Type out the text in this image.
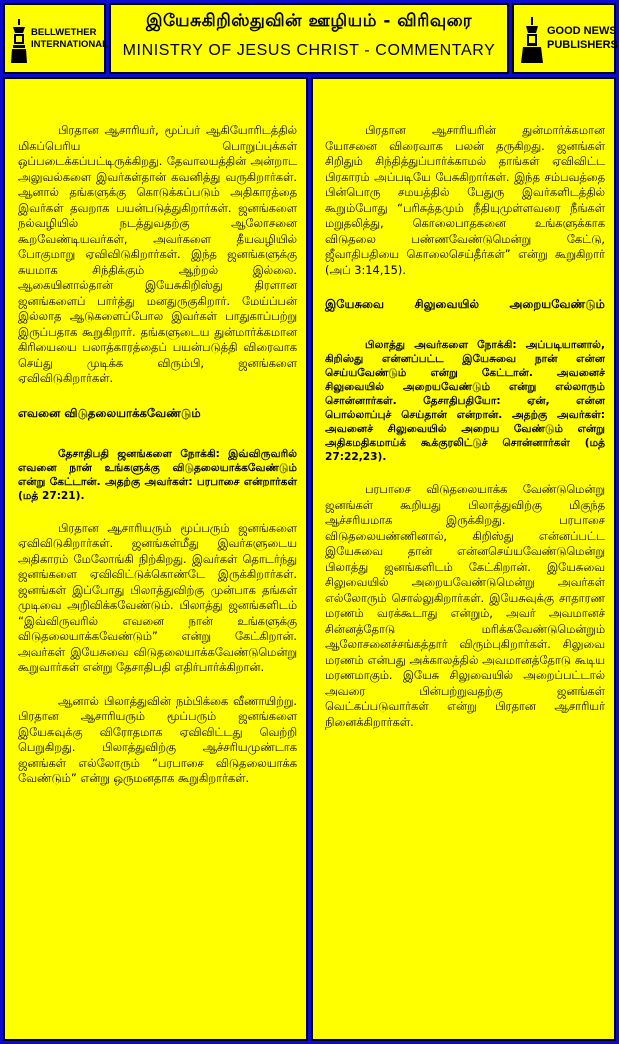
BELLWETHER
INTERNATIONAL
இயேசுகிறிஸ்துவின் ஊழியம் - விரிவுரை
MINISTRY OF JESUS CHRIST - COMMENTARY
GOOD NEWS
PUBLISHERS

பிரதான ஆசாரியர், மூப்பர் ஆகியோரிடத்தில் மிகப்பெரிய பொறுப்புக்கள் ஒப்படைக்கப்பட்டிருக்கிறது. தேவாலயத்தின் அன்றாட அலுவல்களை இவர்கள்தான் கவனித்து வருகிறார்கள். ஆனால் தங்களுக்கு கொடுக்கப்படும் அதிகாரத்தை இவர்கள் தவறாக பயன்படுத்துகிறார்கள். ஜனங்களை நல்வழியில் நடத்துவதற்கு ஆலோசனை கூறவேண்டியவர்கள், அவர்களை தீயவழியில் போகுமாறு ஏவிவிடுகிறார்கள். இந்த ஜனங்களுக்கு சுயமாக சிந்திக்கும் ஆற்றல் இல்லை. ஆகையினால்தான் இயேசுகிறிஸ்து திரளான ஜனங்களைப் பார்த்து மனதுருகுகிறார். மேய்ப்பன் இல்லாத ஆடுகளைப்போல இவர்கள் பாதுகாப்பற்று இருப்பதாக கூறுகிறார். தங்களுடைய துன்மார்க்கமான கிரியையை பலாத்காரத்தைப் பயன்படுத்தி விரைவாக செய்து முடிக்க விரும்பி, ஜனங்களை ஏவிவிடுகிறார்கள்.

எவனை விடுதலையாக்கவேண்டும்

தேசாதிபதி ஜனங்களை நோக்கி: இவ்விருவரில் எவனை நான் உங்களுக்கு விடுதலையாக்கவேண்டும் என்று கேட்டான். அதற்கு அவர்கள்: பரபாசை என்றார்கள் (மத் 27:21).

பிரதான ஆசாரியரும் மூப்பரும் ஜனங்களை ஏவிவிடுகிறார்கள். ஜனங்கள்மீது இவர்களுடைய அதிகாரம் மேலோங்கி நிற்கிறது. இவர்கள் தொடர்ந்து ஜனங்களை ஏவிவிட்டுக்கொண்டே இருக்கிறார்கள். ஜனங்கள் இப்போது பிலாத்துவிற்கு முன்பாக தங்கள் முடிவை அறிவிக்கவேண்டும். பிலாத்து ஜனங்களிடம் “இவ்விருவரில் எவனை நான் உங்களுக்கு விடுதலையாக்கவேண்டும்” என்று கேட்கிறான். அவர்கள் இயேசுவை விடுதலையாக்கவேண்டுமென்று கூறுவார்கள் என்று தேசாதிபதி எதிர்பார்க்கிறான்.

ஆனால் பிலாத்துவின் நம்பிக்கை வீணாயிற்று. பிரதான ஆசாரியரும் மூப்பரும் ஜனங்களை இயேசுவுக்கு விரோதமாக ஏவிவிட்டது வெற்றி பெறுகிறது. பிலாத்துவிற்கு ஆச்சரியமுண்டாக ஜனங்கள் எல்லோரும் “பரபாசை விடுதலையாக்க வேண்டும்” என்று ஒருமனதாக கூறுகிறார்கள்.

பிரதான ஆசாரியரின் துன்மார்க்கமான யோசனை விரைவாக பலன் தருகிறது. ஜனங்கள் சிறிதும் சிந்தித்துப்பார்க்காமல் தாங்கள் ஏவிவிட்ட பிரகாரம் அப்படியே பேசுகிறார்கள். இந்த சம்பவத்தை பின்பொரு சமயத்தில் பேதுரு இவர்களிடத்தில் கூறும்போது “பரிசுத்தமும் நீதியுமுள்ளவரை நீங்கள் மறுதலித்து, கொலைபாதகனை உங்களுக்காக விடுதலை பண்ணவேண்டுமென்று கேட்டு, ஜீவாதிபதியை கொலைசெய்தீர்கள்” என்று கூறுகிறார் (அப் 3:14,15).

இயேசுவை சிலுவையில் அறையவேண்டும்

பிலாத்து அவர்களை நோக்கி: அப்படியானால், கிறிஸ்து என்னப்பட்ட இயேசுவை நான் என்ன செய்யவேண்டும் என்று கேட்டான். அவனைச் சிலுவையில் அறையவேண்டும் என்று எல்லாரும் சொன்னார்கள். தேசாதிபதியோ: ஏன், என்ன பொல்லாப்புச் செய்தான் என்றான். அதற்கு அவர்கள்: அவனைச் சிலுவையில் அறைய வேண்டும் என்று அதிகமதிகமாய்க் கூக்குரலிட்டுச் சொன்னார்கள் (மத் 27:22,23).

பரபாசை விடுதலையாக்க வேண்டுமென்று ஜனங்கள் கூறியது பிலாத்துவிற்கு மிகுந்த ஆச்சரியமாக இருக்கிறது. பரபாசை விடுதலையண்ணினால், கிறிஸ்து என்னப்பட்ட இயேசுவை தான் என்னசெய்யவேண்டுமென்று பிலாத்து ஜனங்களிடம் கேட்கிறான். இயேசுவை சிலுவையில் அறையவேண்டுமென்று அவர்கள் எல்லோரும் சொல்லுகிறார்கள். இயேசுவுக்கு சாதாரண மரணம் வரக்கூடாது என்றும், அவர் அவமானச் சின்னத்தோடு மரிக்கவேண்டுமென்றும் ஆலோசனைச்சங்கத்தார் விரும்புகிறார்கள். சிலுவை மரணம் என்பது அக்காலத்தில் அவமானத்தோடு கூடிய மரணமாகும். இயேசு சிலுவையில் அறைப்பட்டால் அவரை பின்பற்றுவதற்கு ஜனங்கள் வெட்கப்படுவார்கள் என்று பிரதான ஆசாரியர் நினைக்கிறார்கள்.
